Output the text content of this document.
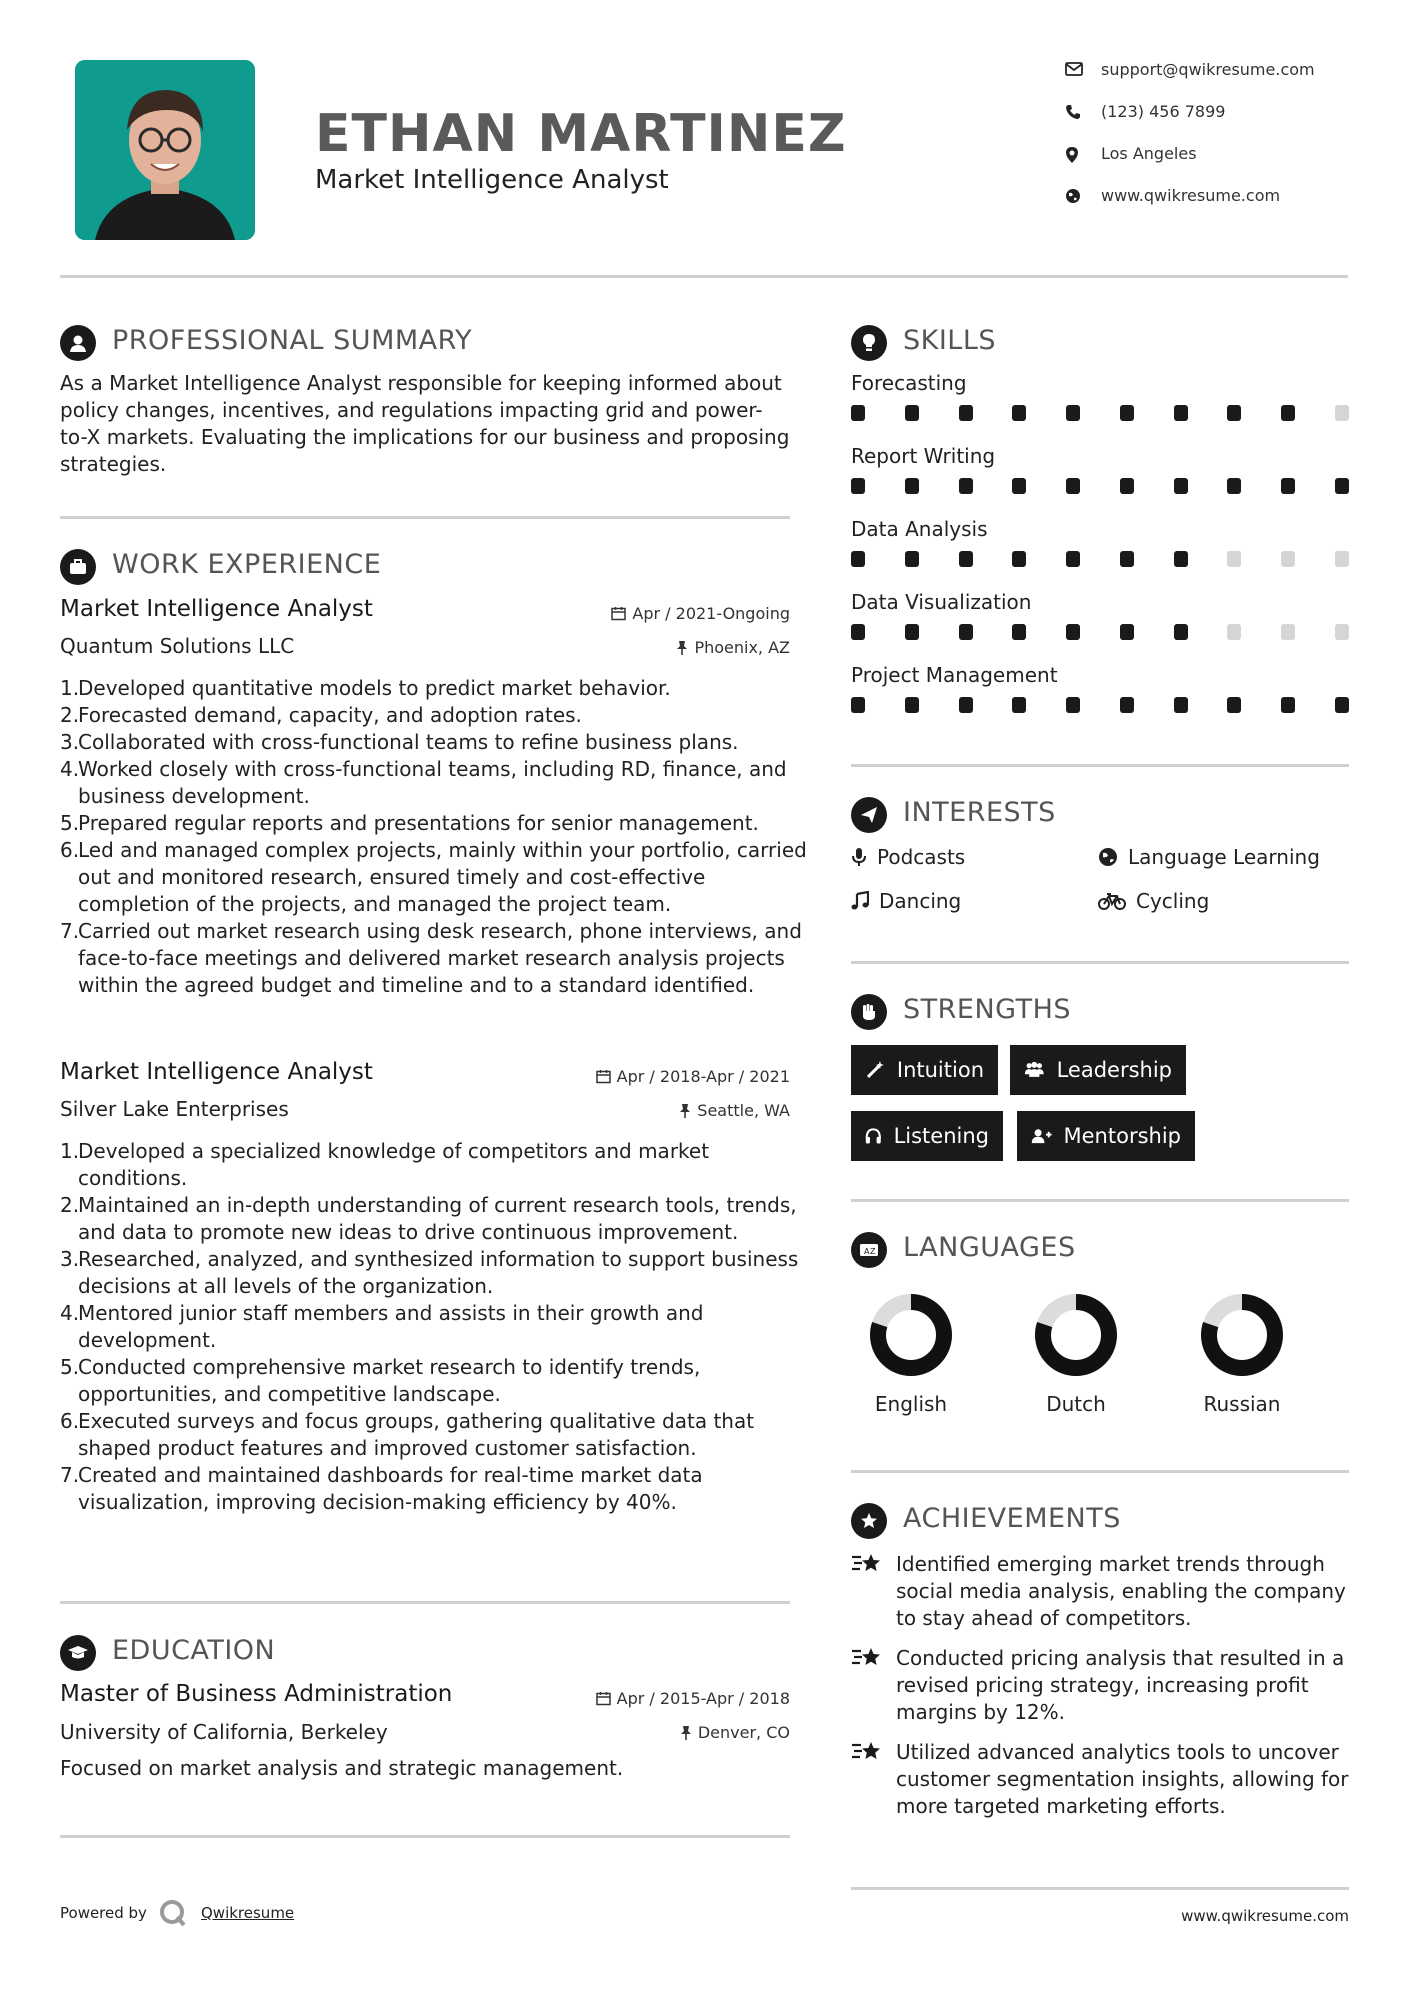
ETHAN MARTINEZ
Market Intelligence Analyst
support@qwikresume.com
(123) 456 7899
Los Angeles
www.qwikresume.com
PROFESSIONAL SUMMARY
As a Market Intelligence Analyst responsible for keeping informed about policy changes, incentives, and regulations impacting grid and power-to-X markets. Evaluating the implications for our business and proposing strategies.
WORK EXPERIENCE
Market Intelligence Analyst	Apr / 2021-Ongoing
Quantum Solutions LLC	Phoenix, AZ
1.
Developed quantitative models to predict market behavior.
2.
Forecasted demand, capacity, and adoption rates.
3.
Collaborated with cross-functional teams to refine business plans.
4.
Worked closely with cross-functional teams, including RD, finance, and business development.
5.
Prepared regular reports and presentations for senior management.
6.
Led and managed complex projects, mainly within your portfolio, carried out and monitored research, ensured timely and cost-effective completion of the projects, and managed the project team.
7.
Carried out market research using desk research, phone interviews, and face-to-face meetings and delivered market research analysis projects within the agreed budget and timeline and to a standard identified.
Market Intelligence Analyst	Apr / 2018-Apr / 2021
Silver Lake Enterprises	Seattle, WA
1.
Developed a specialized knowledge of competitors and market conditions.
2.
Maintained an in-depth understanding of current research tools, trends, and data to promote new ideas to drive continuous improvement.
3.
Researched, analyzed, and synthesized information to support business decisions at all levels of the organization.
4.
Mentored junior staff members and assists in their growth and development.
5.
Conducted comprehensive market research to identify trends, opportunities, and competitive landscape.
6.
Executed surveys and focus groups, gathering qualitative data that shaped product features and improved customer satisfaction.
7.
Created and maintained dashboards for real-time market data visualization, improving decision-making efficiency by 40%.
EDUCATION
Master of Business Administration	Apr / 2015-Apr / 2018
University of California, Berkeley	Denver, CO
Focused on market analysis and strategic management.
SKILLS
Forecasting
Report Writing
Data Analysis
Data Visualization
Project Management
INTERESTS
Podcasts	Language Learning
Dancing	Cycling
STRENGTHS
Intuition	Leadership
Listening	Mentorship
A Z LANGUAGES
English	Dutch	Russian
ACHIEVEMENTS
Identified emerging market trends through social media analysis, enabling the company to stay ahead of competitors.
Conducted pricing analysis that resulted in a revised pricing strategy, increasing profit margins by 12%.
Utilized advanced analytics tools to uncover customer segmentation insights, allowing for more targeted marketing efforts.
Powered by	Qwikresume	www.qwikresume.com
